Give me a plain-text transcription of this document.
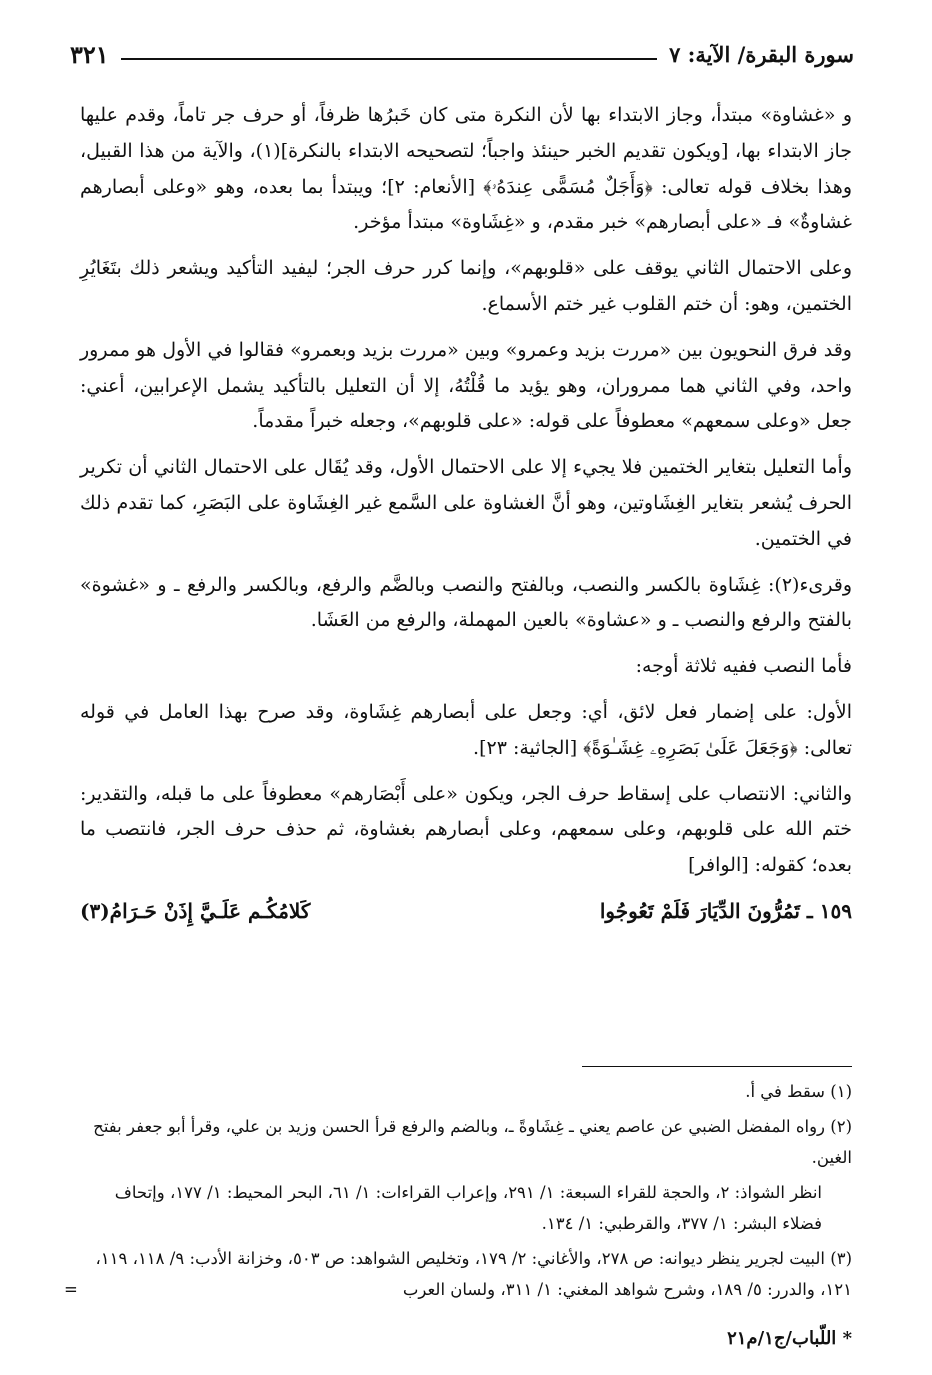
سورة البقرة/ الآية: ٧
٣٢١

و «غشاوة» مبتدأ، وجاز الابتداء بها لأن النكرة متى كان خَبرُها ظرفاً، أو حرف جر تاماً، وقدم عليها جاز الابتداء بها، [ويكون تقديم الخبر حينئذ واجباً؛ لتصحيحه الابتداء بالنكرة](١)، والآية من هذا القبيل، وهذا بخلاف قوله تعالى: ﴿وَأَجَلٌ مُسَمًّى عِندَهُۥ﴾ [الأنعام: ٢]؛ ويبتدأ بما بعده، وهو «وعلى أبصارهم غشاوةٌ» فـ «على أبصارهم» خبر مقدم، و «غِشَاوة» مبتدأ مؤخر.

وعلى الاحتمال الثاني يوقف على «قلوبهم»، وإنما كرر حرف الجر؛ ليفيد التأكيد ويشعر ذلك بتَغَايُرِ الختمين، وهو: أن ختم القلوب غير ختم الأسماع.

وقد فرق النحويون بين «مررت بزيد وعمرو» وبين «مررت بزيد وبعمرو» فقالوا في الأول هو ممرور واحد، وفي الثاني هما ممروران، وهو يؤيد ما قُلْتُهُ، إلا أن التعليل بالتأكيد يشمل الإعرابين، أعني: جعل «وعلى سمعهم» معطوفاً على قوله: «على قلوبهم»، وجعله خبراً مقدماً.

وأما التعليل بتغاير الختمين فلا يجيء إلا على الاحتمال الأول، وقد يُقَال على الاحتمال الثاني أن تكرير الحرف يُشعر بتغاير الغِشَاوتين، وهو أنَّ الغشاوة على السَّمع غير الغِشَاوة على البَصَرِ، كما تقدم ذلك في الختمين.

وقرىء(٢): غِشَاوة بالكسر والنصب، وبالفتح والنصب وبالضَّم والرفع، وبالكسر والرفع ـ و «غشوة» بالفتح والرفع والنصب ـ و «عشاوة» بالعين المهملة، والرفع من العَشَا.

فأما النصب ففيه ثلاثة أوجه:

الأول: على إضمار فعل لائق، أي: وجعل على أبصارهم غِشَاوة، وقد صرح بهذا العامل في قوله تعالى: ﴿وَجَعَلَ عَلَىٰ بَصَرِهِۦ غِشَـٰوَةً﴾ [الجاثية: ٢٣].

والثاني: الانتصاب على إسقاط حرف الجر، ويكون «على أَبْصَارهم» معطوفاً على ما قبله، والتقدير: ختم الله على قلوبهم، وعلى سمعهم، وعلى أبصارهم بغشاوة، ثم حذف حرف الجر، فانتصب ما بعده؛ كقوله: [الوافر]

١٥٩ ـ تَمُرُّونَ الدِّيَارَ فَلَمْ تَعُوجُوا
كَلامُكُـم عَلَـيَّ إِذَنْ حَـرَامُ(٣)

(١) سقط في أ.

(٢) رواه المفضل الضبي عن عاصم يعني ـ غِشَاوةً ـ، وبالضم والرفع قرأ الحسن وزيد بن علي، وقرأ أبو جعفر بفتح الغين.

انظر الشواذ: ٢، والحجة للقراء السبعة: ١/ ٢٩١، وإعراب القراءات: ١/ ٦١، البحر المحيط: ١/ ١٧٧، وإتحاف فضلاء البشر: ١/ ٣٧٧، والقرطبي: ١/ ١٣٤.

(٣) البيت لجرير ينظر ديوانه: ص ٢٧٨، والأغاني: ٢/ ١٧٩، وتخليص الشواهد: ص ٥٠٣، وخزانة الأدب: ٩/ ١١٨، ١١٩، ١٢١، والدرر: ٥/ ١٨٩، وشرح شواهد المغني: ١/ ٣١١، ولسان العرب
=

* اللّباب/ج١/م٢١
